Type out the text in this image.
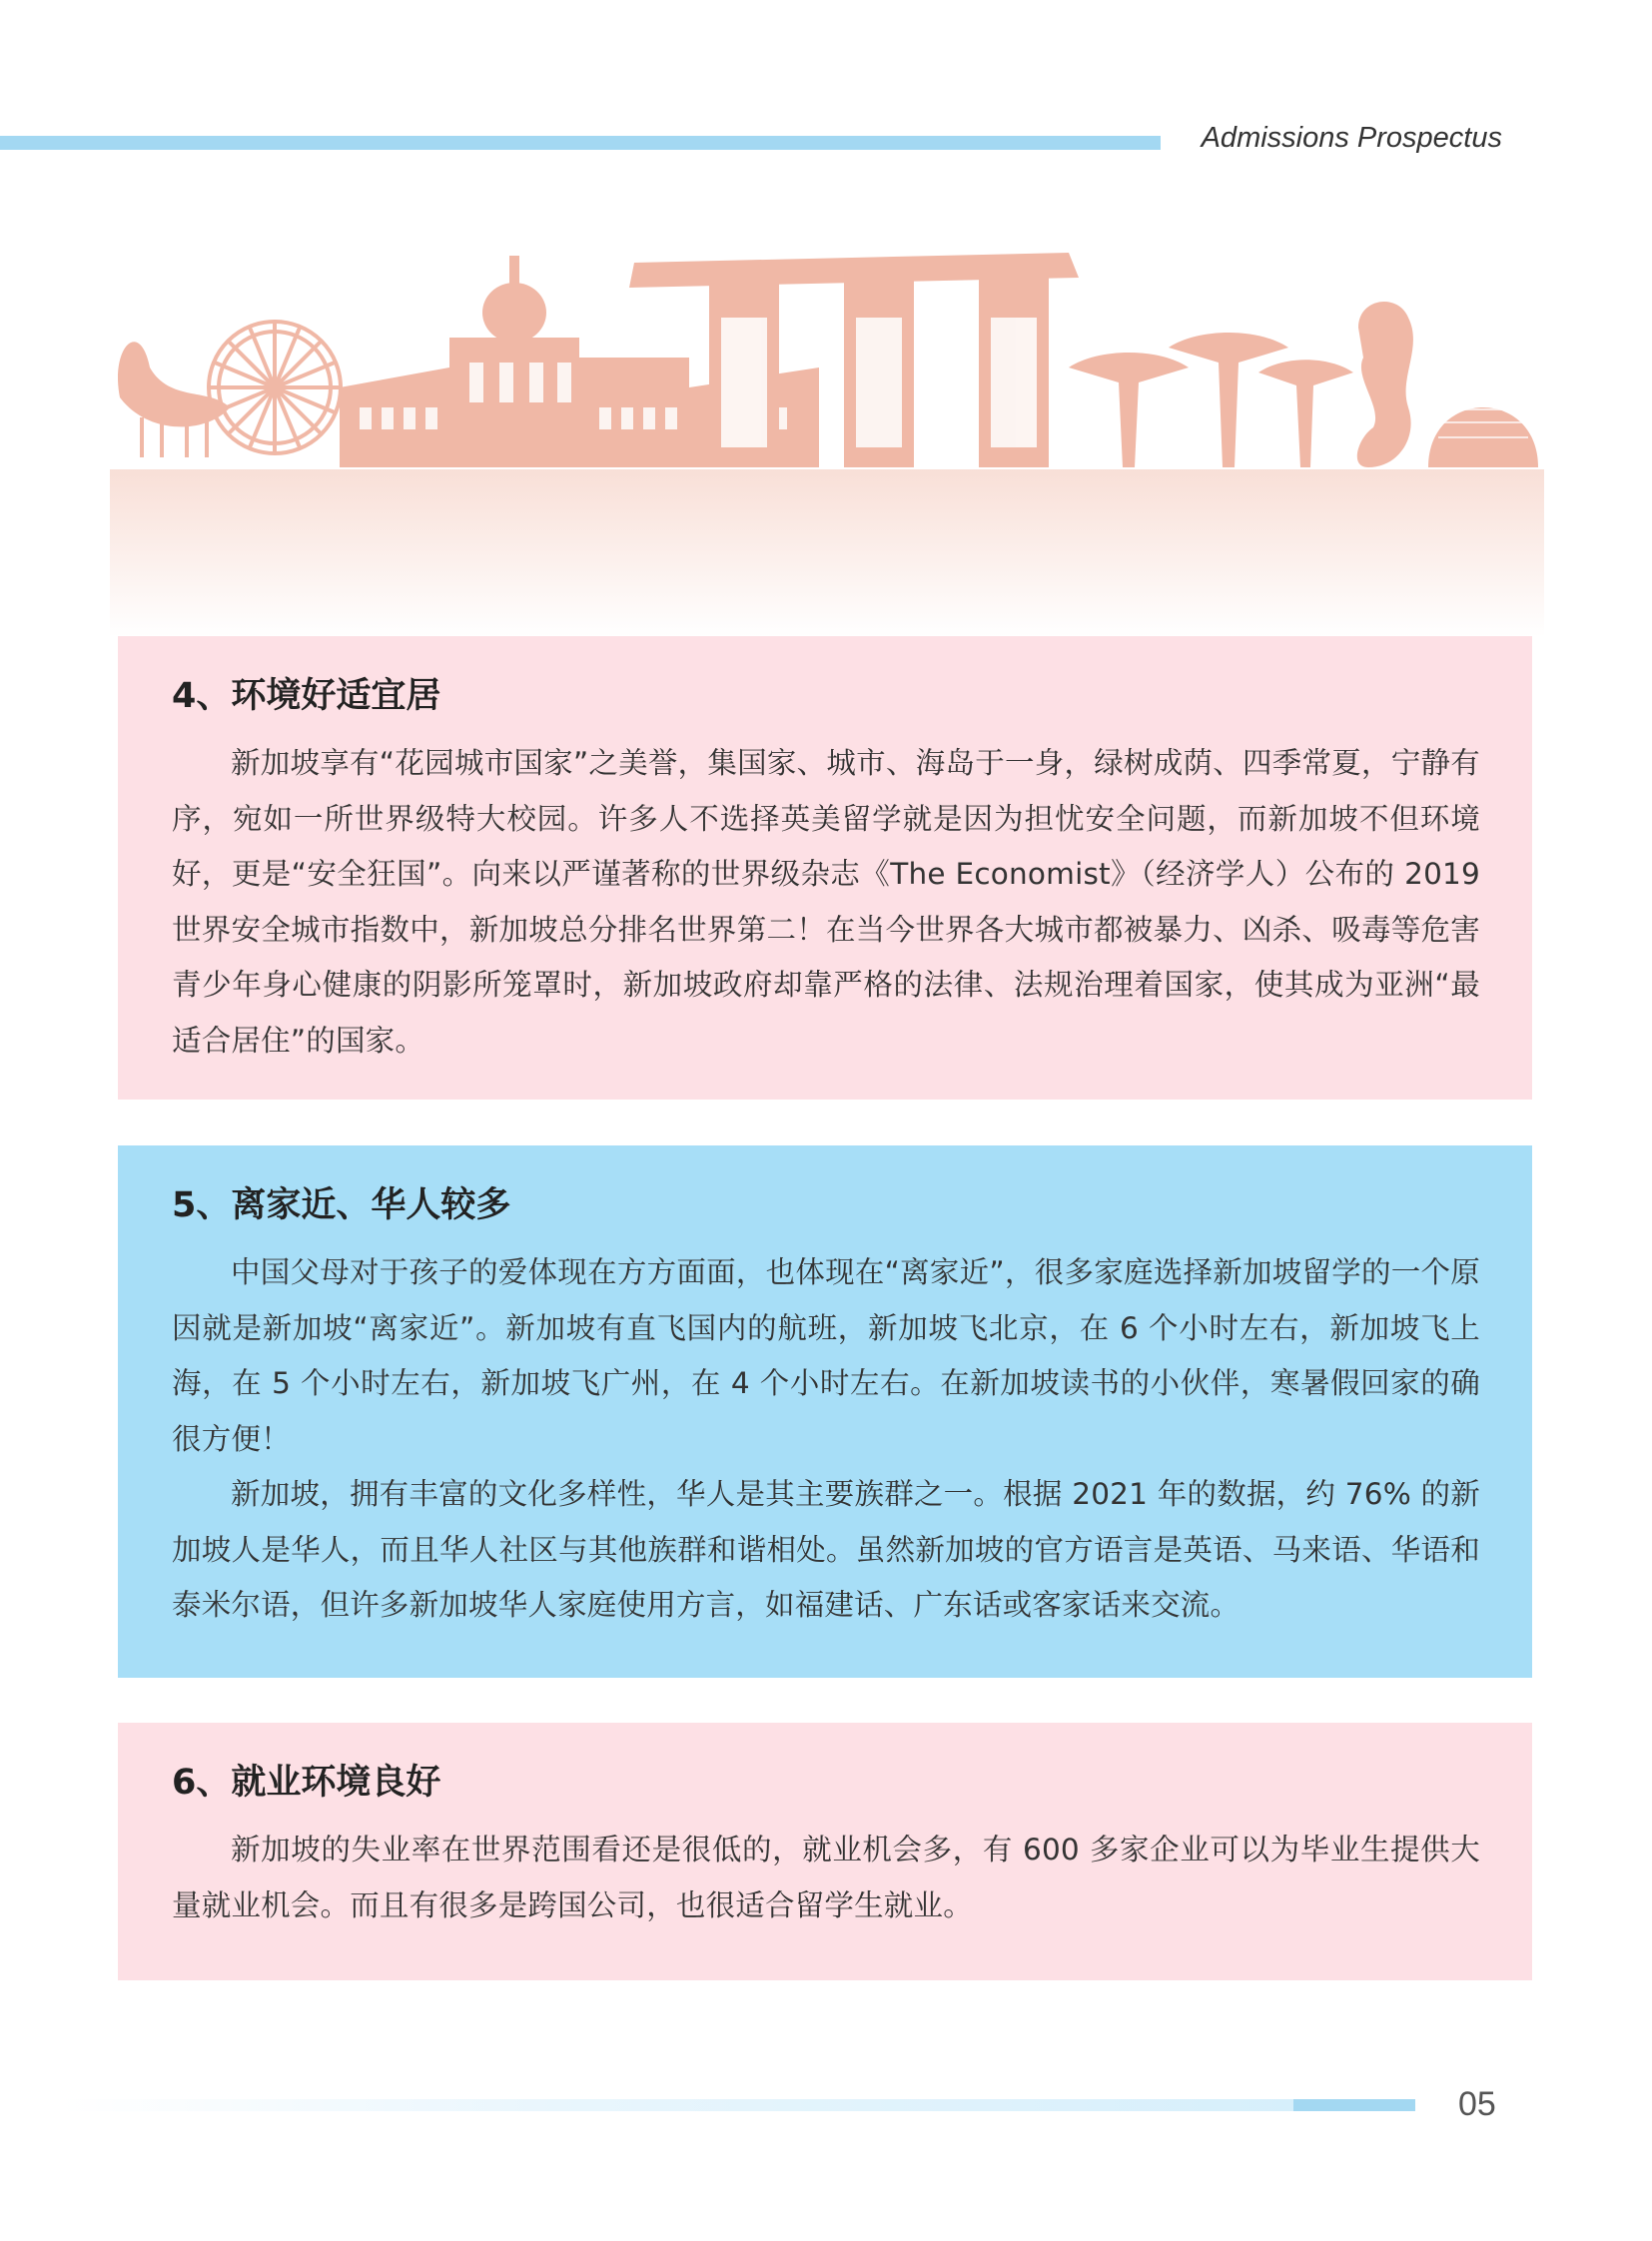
Admissions Prospectus
4、环境好适宜居

新加坡享有“花园城市国家”之美誉，集国家、城市、海岛于一身，绿树成荫、四季常夏，宁静有序，宛如一所世界级特大校园。许多人不选择英美留学就是因为担忧安全问题，而新加坡不但环境好，更是“安全狂国”。向来以严谨著称的世界级杂志《The Economist》（经济学人）公布的 2019 世界安全城市指数中，新加坡总分排名世界第二！在当今世界各大城市都被暴力、凶杀、吸毒等危害青少年身心健康的阴影所笼罩时，新加坡政府却靠严格的法律、法规治理着国家，使其成为亚洲“最适合居住”的国家。

5、离家近、华人较多

中国父母对于孩子的爱体现在方方面面，也体现在“离家近”，很多家庭选择新加坡留学的一个原因就是新加坡“离家近”。新加坡有直飞国内的航班，新加坡飞北京，在 6 个小时左右，新加坡飞上海，在 5 个小时左右，新加坡飞广州，在 4 个小时左右。在新加坡读书的小伙伴，寒暑假回家的确很方便！

新加坡，拥有丰富的文化多样性，华人是其主要族群之一。根据 2021 年的数据，约 76% 的新加坡人是华人，而且华人社区与其他族群和谐相处。虽然新加坡的官方语言是英语、马来语、华语和泰米尔语，但许多新加坡华人家庭使用方言，如福建话、广东话或客家话来交流。

6、就业环境良好

新加坡的失业率在世界范围看还是很低的，就业机会多，有 600 多家企业可以为毕业生提供大量就业机会。而且有很多是跨国公司，也很适合留学生就业。

05
